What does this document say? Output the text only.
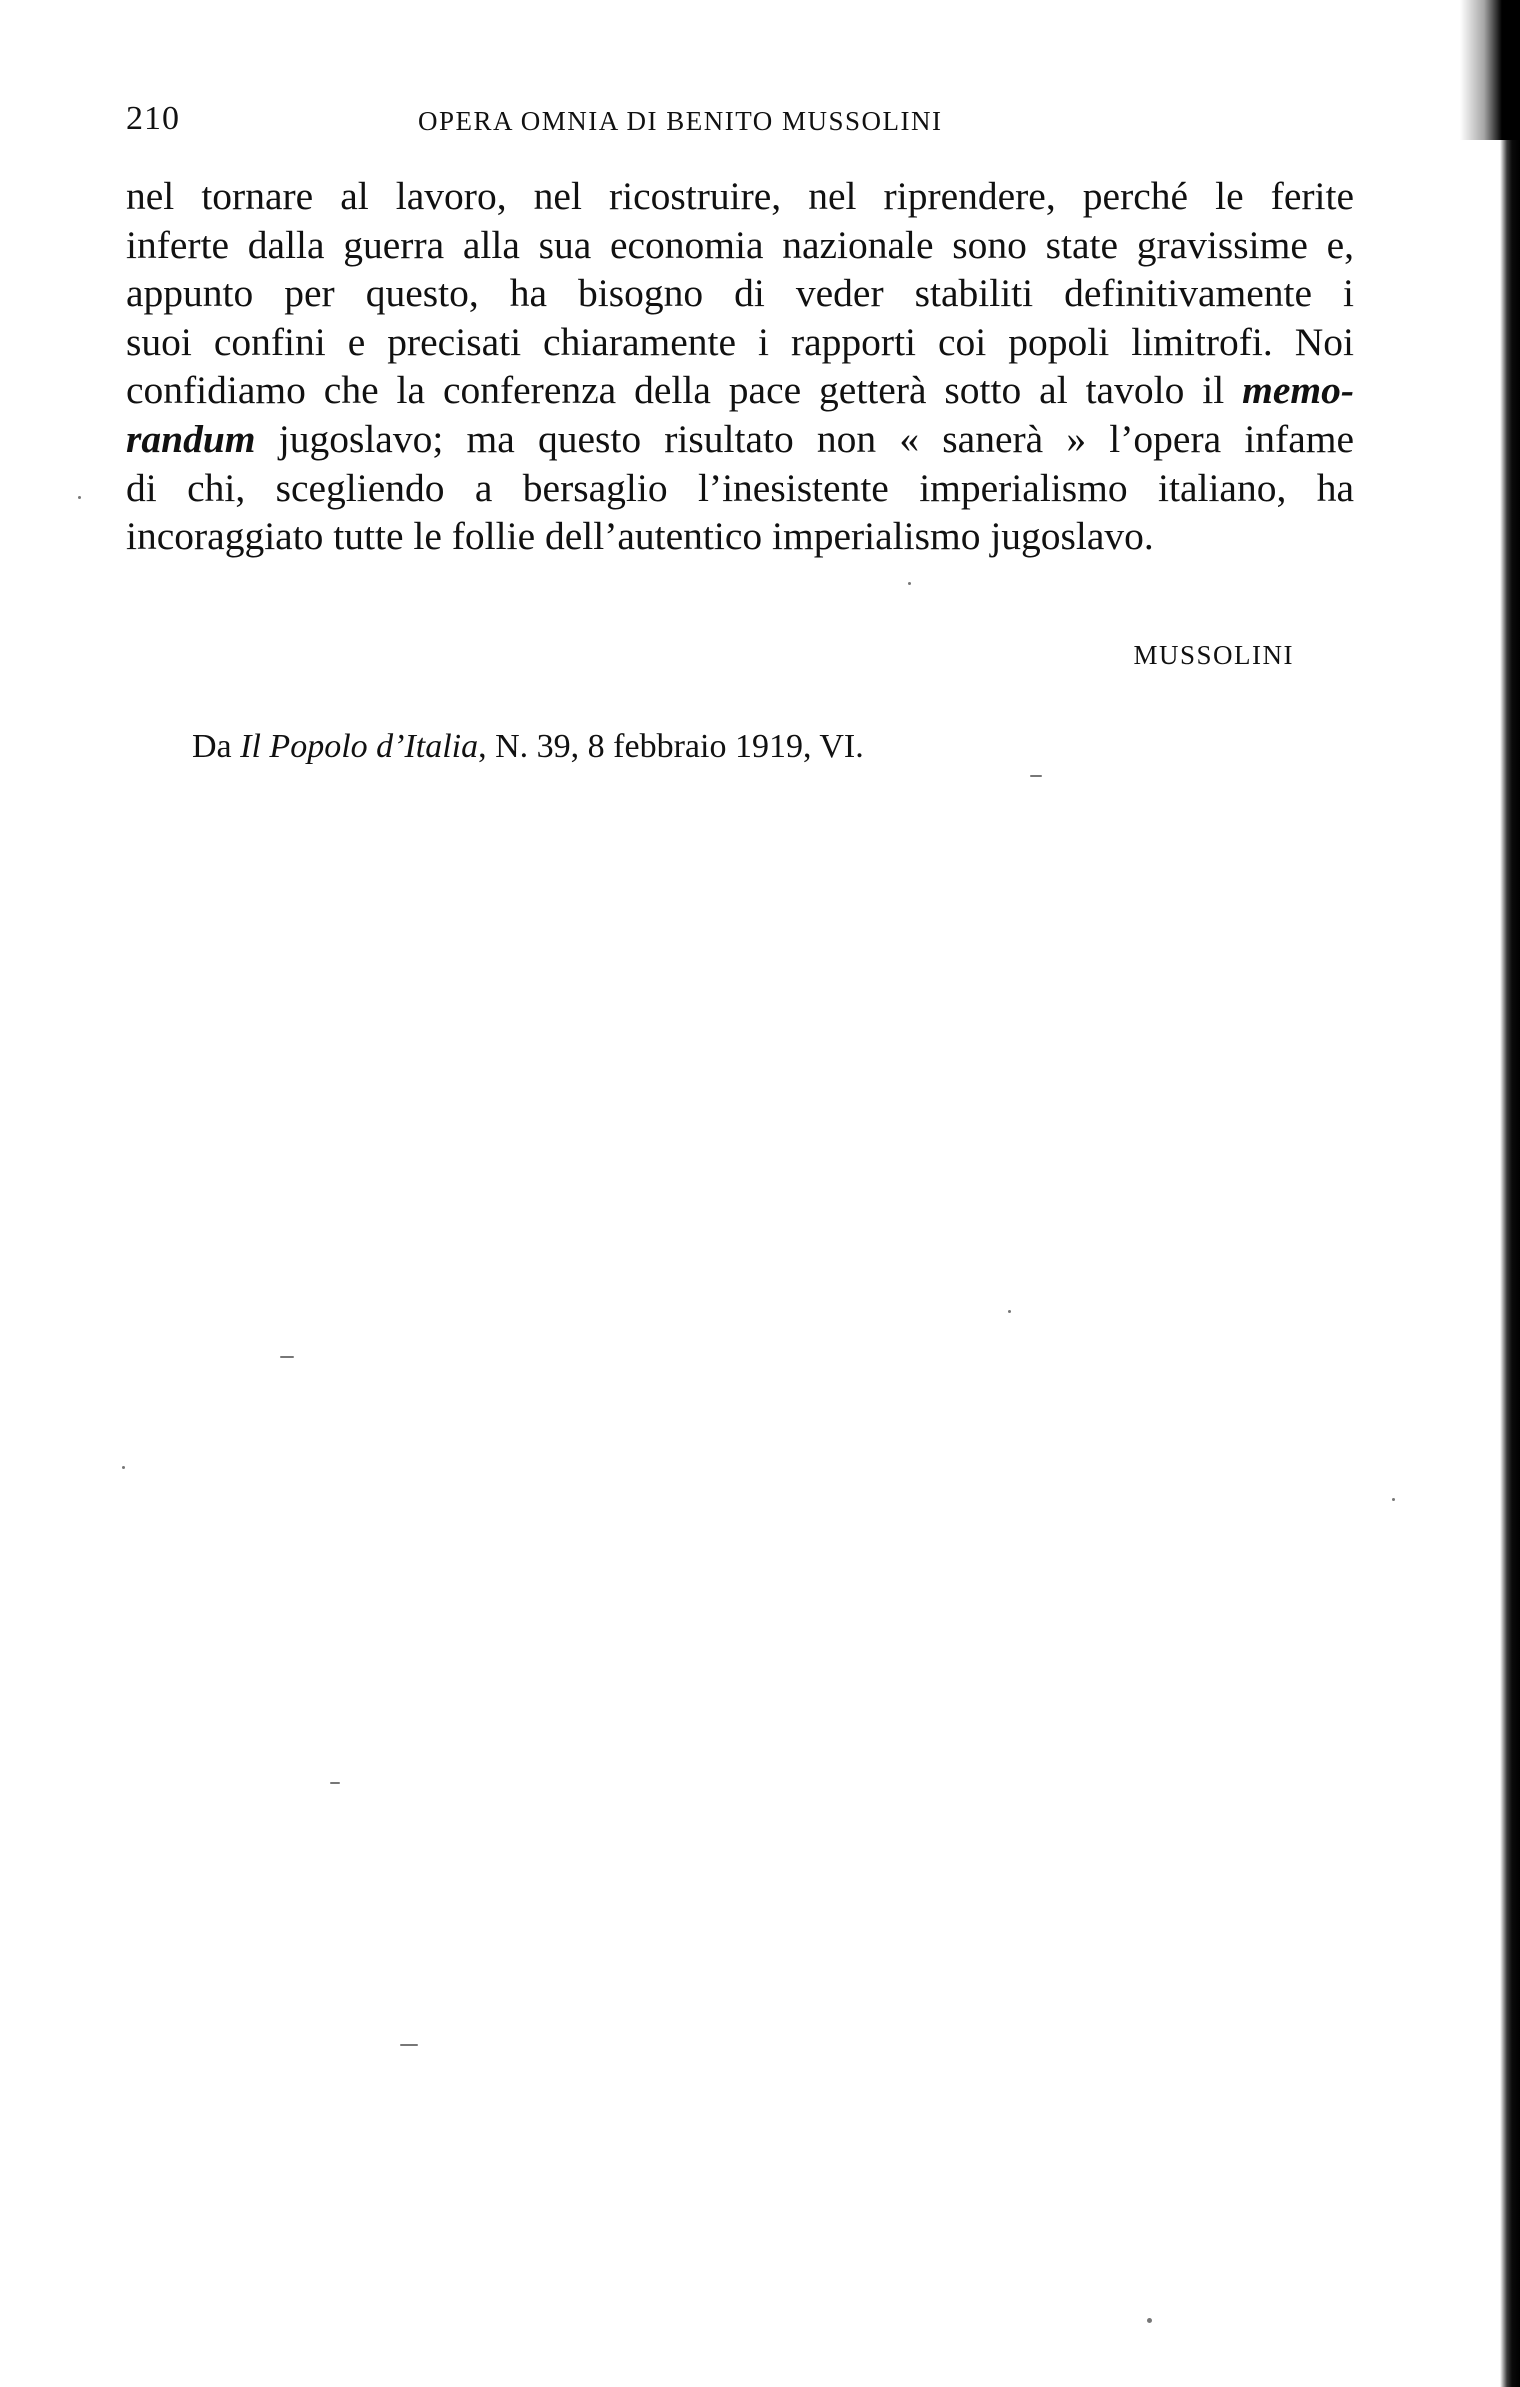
210	OPERA OMNIA DI BENITO MUSSOLINI
nel tornare al lavoro, nel ricostruire, nel riprendere, perché le ferite
inferte dalla guerra alla sua economia nazionale sono state gravissime e,
appunto per questo, ha bisogno di veder stabiliti definitivamente i
suoi confini e precisati chiaramente i rapporti coi popoli limitrofi. Noi
confidiamo che la conferenza della pace getterà sotto al tavolo il memo-
randum jugoslavo; ma questo risultato non « sanerà » l’opera infame
di chi, scegliendo a bersaglio l’inesistente imperialismo italiano, ha
incoraggiato tutte le follie dell’autentico imperialismo jugoslavo.
MUSSOLINI
Da Il Popolo d’Italia, N. 39, 8 febbraio 1919, VI.
